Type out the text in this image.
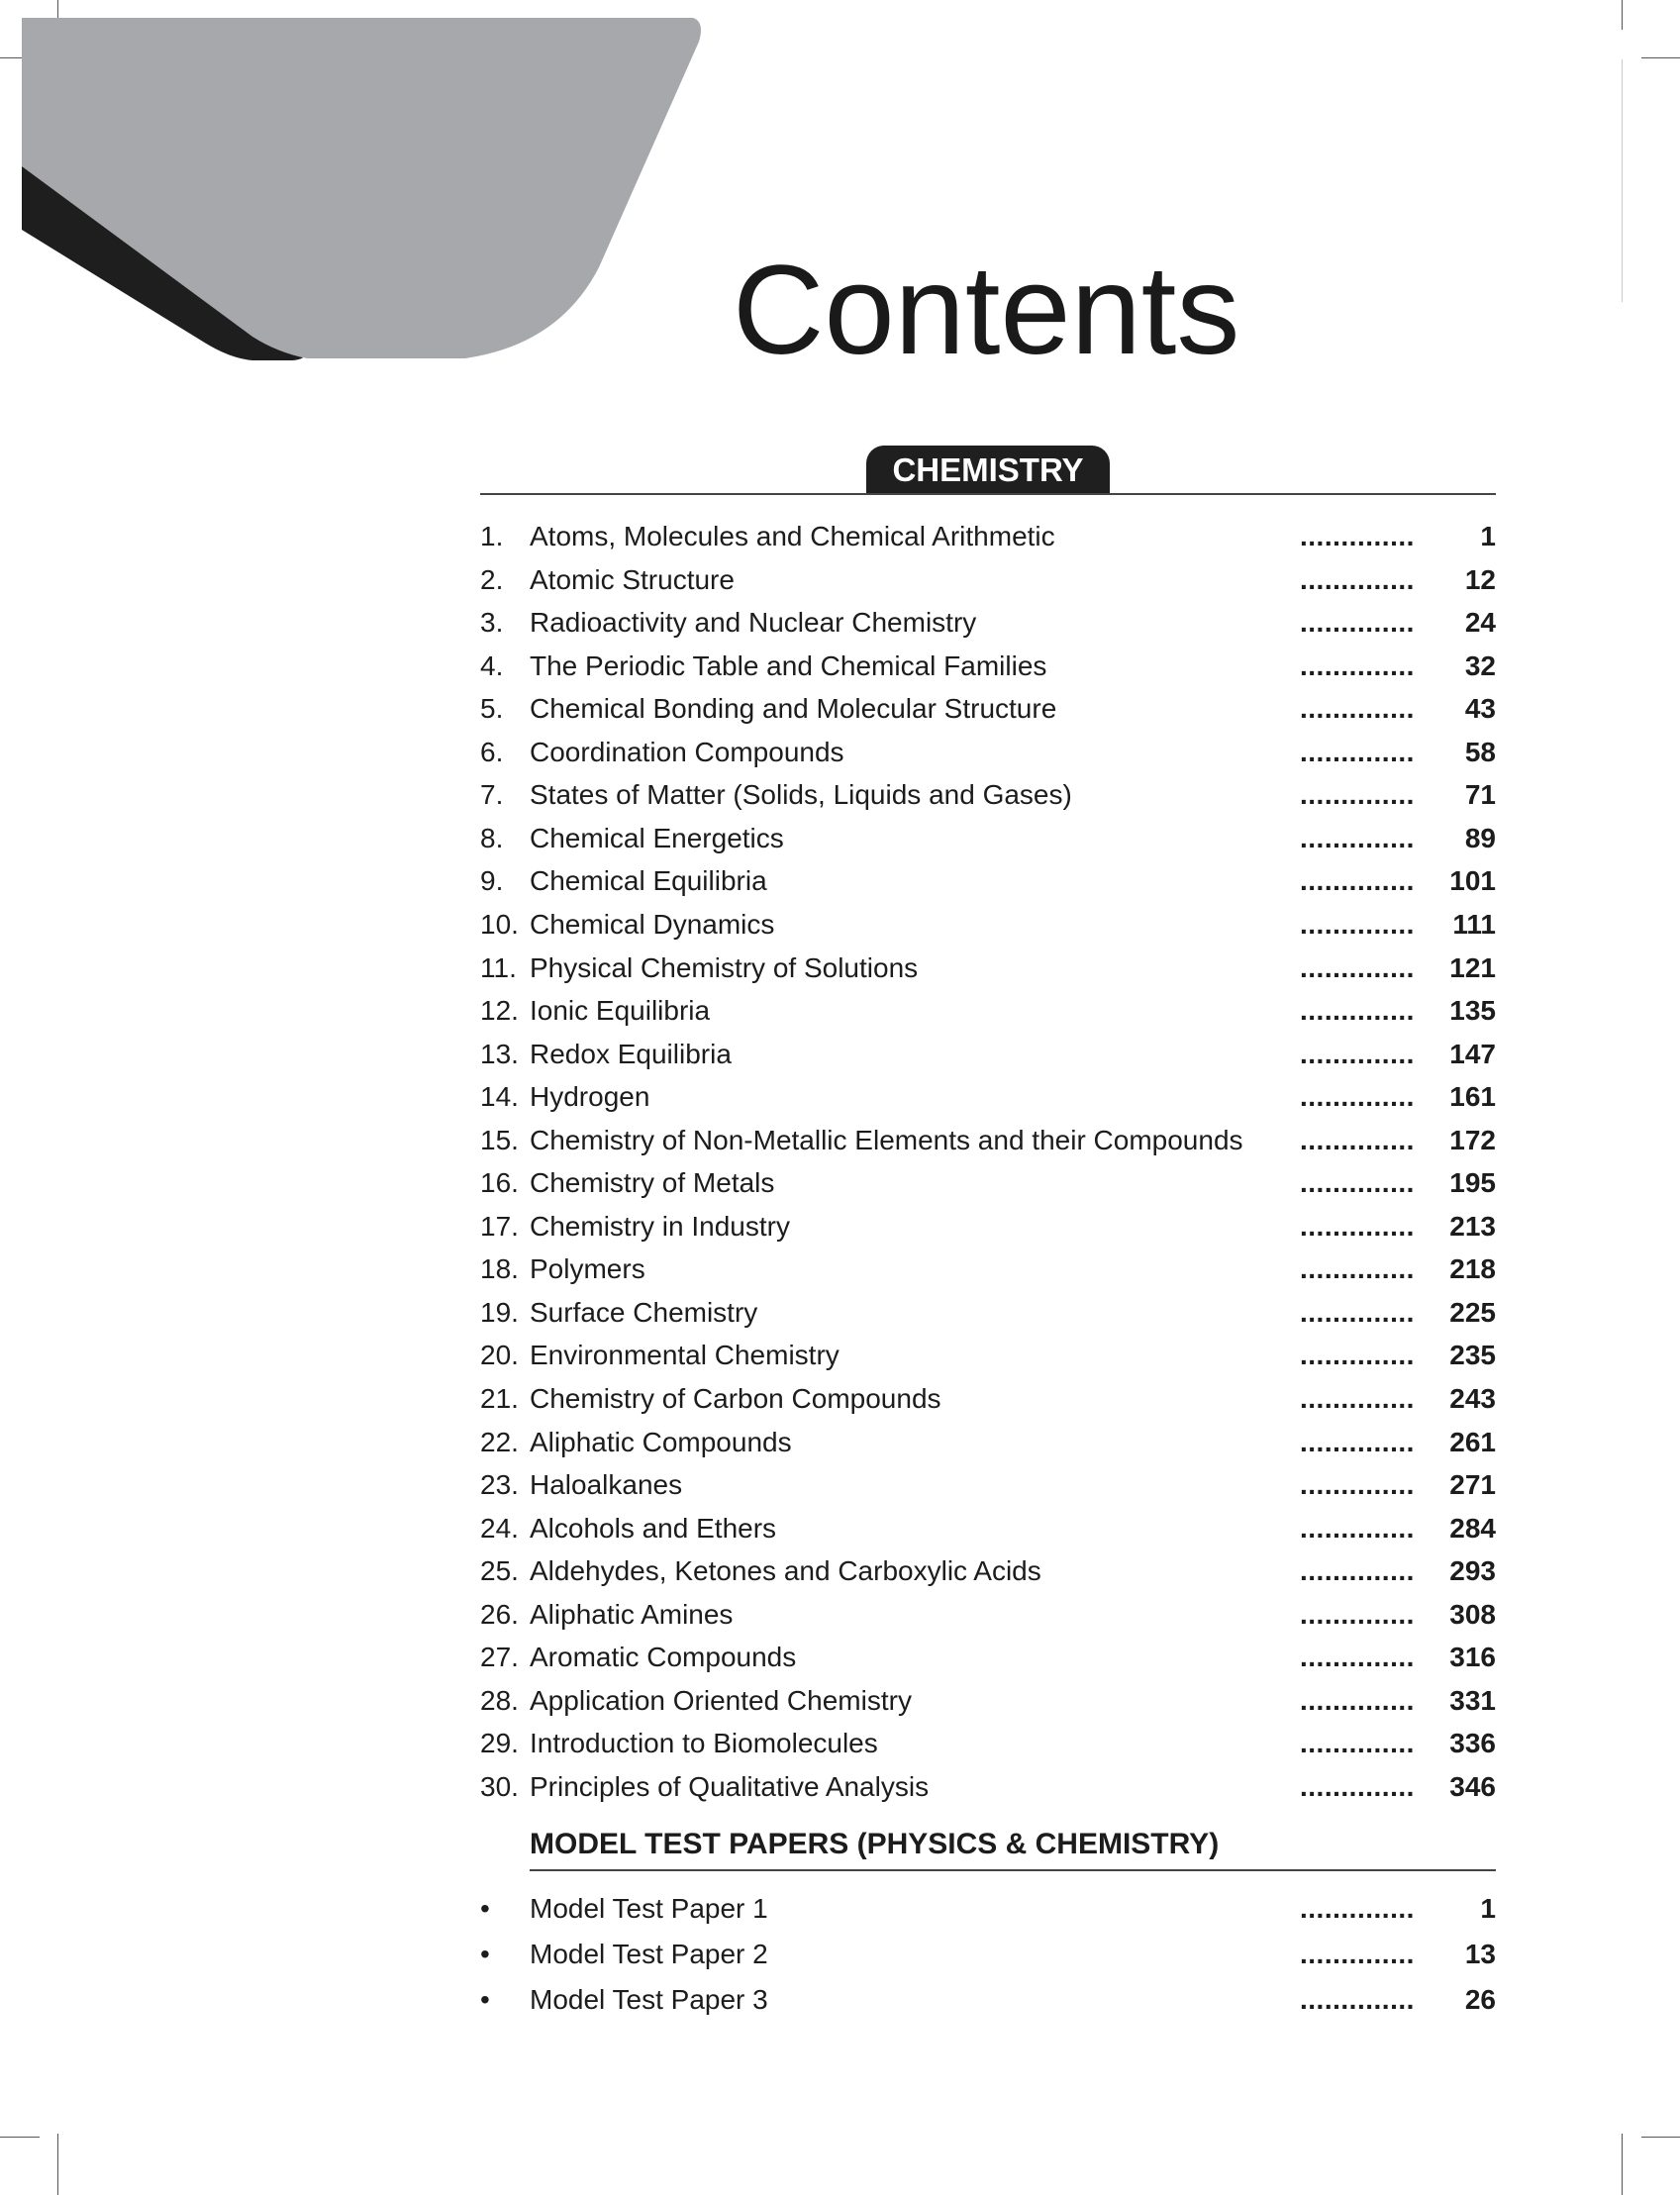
Contents
CHEMISTRY
1. Atoms, Molecules and Chemical Arithmetic	.............. 1
2. Atomic Structure	.............. 12
3. Radioactivity and Nuclear Chemistry	.............. 24
4. The Periodic Table and Chemical Families	.............. 32
5. Chemical Bonding and Molecular Structure	.............. 43
6. Coordination Compounds	.............. 58
7. States of Matter (Solids, Liquids and Gases)	.............. 71
8. Chemical Energetics	.............. 89
9. Chemical Equilibria	.............. 101
10. Chemical Dynamics	.............. 111
11. Physical Chemistry of Solutions	.............. 121
12. Ionic Equilibria	.............. 135
13. Redox Equilibria	.............. 147
14. Hydrogen	.............. 161
15. Chemistry of Non-Metallic Elements and their Compounds .............. 172
16. Chemistry of Metals	.............. 195
17. Chemistry in Industry	.............. 213
18. Polymers	.............. 218
19. Surface Chemistry	.............. 225
20. Environmental Chemistry	.............. 235
21. Chemistry of Carbon Compounds	.............. 243
22. Aliphatic Compounds	.............. 261
23. Haloalkanes	.............. 271
24. Alcohols and Ethers	.............. 284
25. Aldehydes, Ketones and Carboxylic Acids	.............. 293
26. Aliphatic Amines	.............. 308
27. Aromatic Compounds	.............. 316
28. Application Oriented Chemistry	.............. 331
29. Introduction to Biomolecules	.............. 336
30. Principles of Qualitative Analysis	.............. 346
MODEL TEST PAPERS (PHYSICS & CHEMISTRY)
• Model Test Paper 1	.............. 1
• Model Test Paper 2	.............. 13
• Model Test Paper 3	.............. 26
